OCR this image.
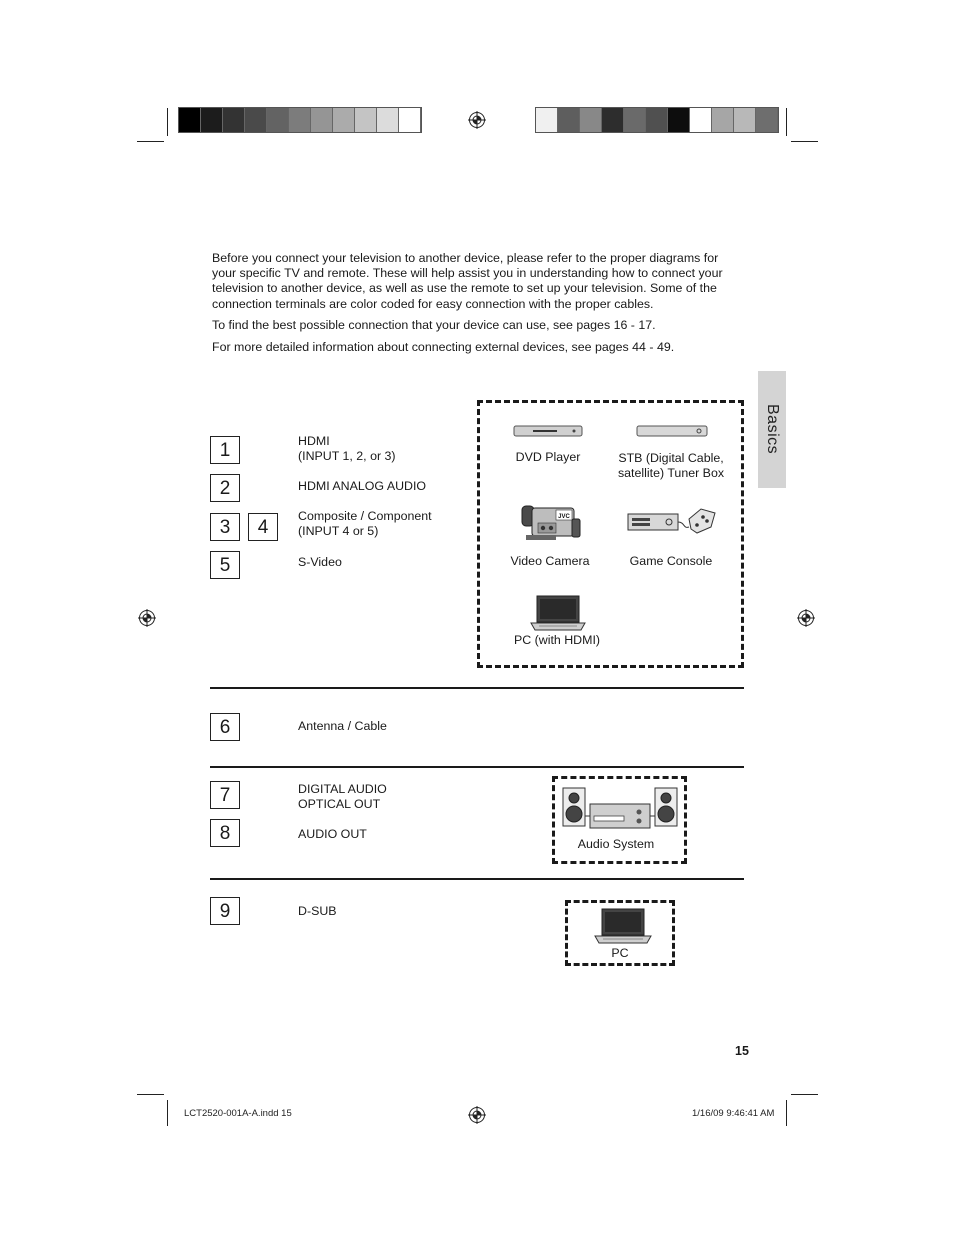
Before you connect your television to another device, please refer to the proper diagrams for your specific TV and remote. These will help assist you in understanding how to connect your television to another device, as well as use the remote to set up your television. Some of the connection terminals are color coded for easy connection with the proper cables.

To find the best possible connection that your device can use, see pages 16 - 17.

For more detailed information about connecting external devices, see pages 44 - 49.

Basics
1	HDMI
(INPUT 1, 2, or 3)
2	HDMI ANALOG AUDIO
3 4
Composite / Component
(INPUT 4 or 5)
5	S-Video
DVD Player	STB (Digital Cable,
satellite) Tuner Box
JVC
Video Camera	Game Console
PC (with HDMI)
6	Antenna / Cable
7	DIGITAL AUDIO
OPTICAL OUT
8	AUDIO OUT
Audio System
9	D-SUB
PC
15
LCT2520-001A-A.indd 15	1/16/09 9:46:41 AM
